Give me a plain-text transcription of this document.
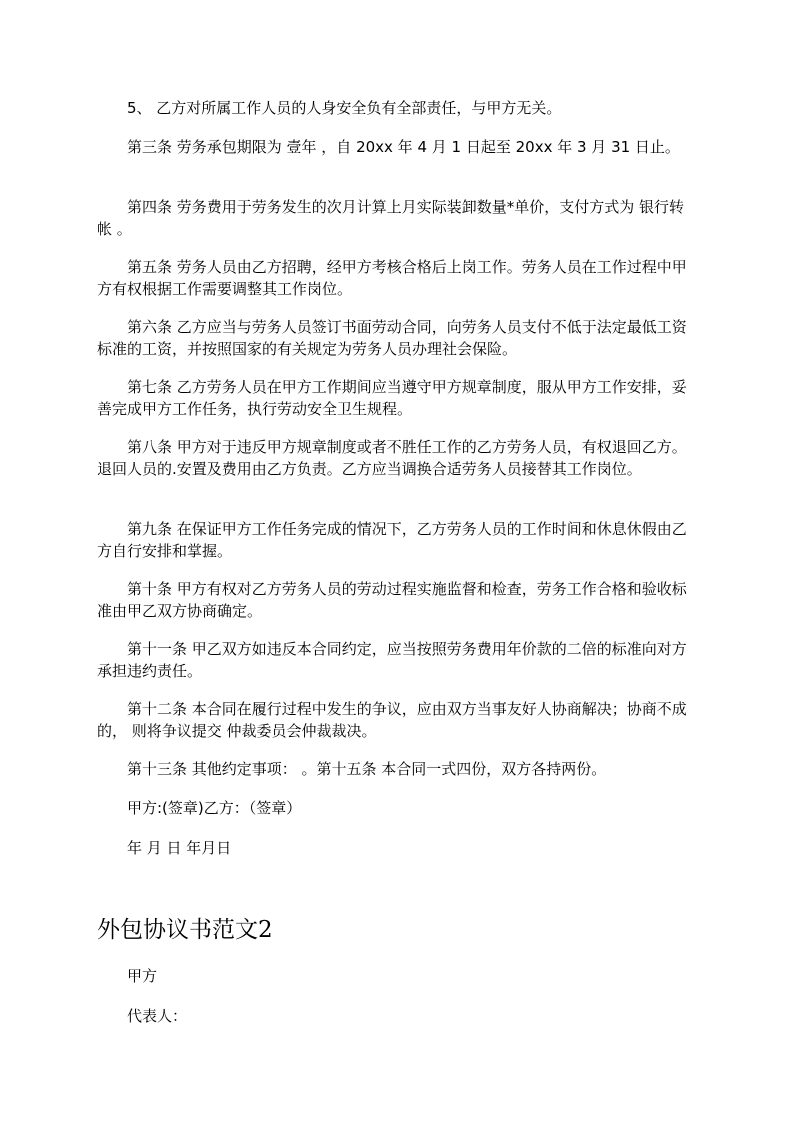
5、 乙方对所属工作人员的人身安全负有全部责任，与甲方无关。
第三条 劳务承包期限为 壹年 ，自 20xx 年 4 月 1 日起至 20xx 年 3 月 31 日止。
第四条 劳务费用于劳务发生的次月计算上月实际装卸数量*单价，支付方式为 银行转帐 。
第五条 劳务人员由乙方招聘，经甲方考核合格后上岗工作。劳务人员在工作过程中甲方有权根据工作需要调整其工作岗位。
第六条 乙方应当与劳务人员签订书面劳动合同，向劳务人员支付不低于法定最低工资标准的工资，并按照国家的有关规定为劳务人员办理社会保险。
第七条 乙方劳务人员在甲方工作期间应当遵守甲方规章制度，服从甲方工作安排，妥善完成甲方工作任务，执行劳动安全卫生规程。
第八条 甲方对于违反甲方规章制度或者不胜任工作的乙方劳务人员，有权退回乙方。退回人员的.安置及费用由乙方负责。乙方应当调换合适劳务人员接替其工作岗位。
第九条 在保证甲方工作任务完成的情况下，乙方劳务人员的工作时间和休息休假由乙方自行安排和掌握。
第十条 甲方有权对乙方劳务人员的劳动过程实施监督和检查，劳务工作合格和验收标准由甲乙双方协商确定。
第十一条 甲乙双方如违反本合同约定，应当按照劳务费用年价款的二倍的标准向对方承担违约责任。
第十二条 本合同在履行过程中发生的争议，应由双方当事友好人协商解决；协商不成的， 则将争议提交 仲裁委员会仲裁裁决。
第十三条 其他约定事项： 。第十五条 本合同一式四份，双方各持两份。
甲方:(签章)乙方：（签章）
年 月 日 年月日
外包协议书范文2
甲方
代表人：
